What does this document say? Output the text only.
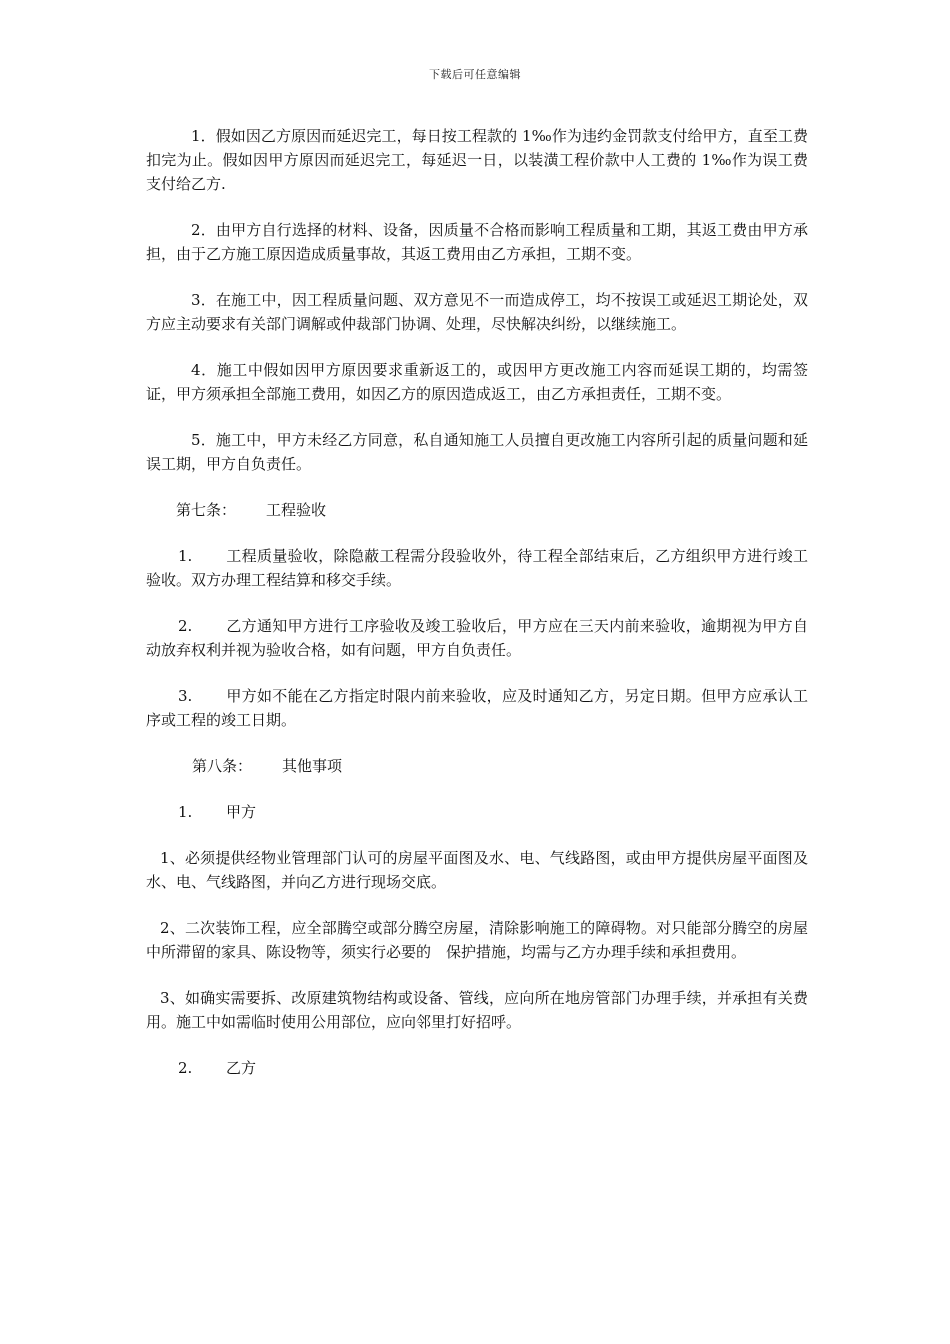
下载后可任意编辑

1．假如因乙方原因而延迟完工，每日按工程款的 1‰作为违约金罚款支付给甲方，直至工费扣完为止。假如因甲方原因而延迟完工，每延迟一日，以装潢工程价款中人工费的 1‰作为误工费支付给乙方.

2．由甲方自行选择的材料、设备，因质量不合格而影响工程质量和工期，其返工费由甲方承担，由于乙方施工原因造成质量事故，其返工费用由乙方承担，工期不变。

3．在施工中，因工程质量问题、双方意见不一而造成停工，均不按误工或延迟工期论处，双方应主动要求有关部门调解或仲裁部门协调、处理，尽快解决纠纷，以继续施工。

4．施工中假如因甲方原因要求重新返工的，或因甲方更改施工内容而延误工期的，均需签证，甲方须承担全部施工费用，如因乙方的原因造成返工，由乙方承担责任，工期不变。

5．施工中，甲方未经乙方同意，私自通知施工人员擅自更改施工内容所引起的质量问题和延误工期，甲方自负责任。

第七条： 工程验收

1. 工程质量验收，除隐蔽工程需分段验收外，待工程全部结束后，乙方组织甲方进行竣工验收。双方办理工程结算和移交手续。

2. 乙方通知甲方进行工序验收及竣工验收后，甲方应在三天内前来验收，逾期视为甲方自动放弃权利并视为验收合格，如有问题，甲方自负责任。

3. 甲方如不能在乙方指定时限内前来验收，应及时通知乙方，另定日期。但甲方应承认工序或工程的竣工日期。

第八条： 其他事项
1. 甲方

1、必须提供经物业管理部门认可的房屋平面图及水、电、气线路图，或由甲方提供房屋平面图及水、电、气线路图，并向乙方进行现场交底。

2、二次装饰工程，应全部腾空或部分腾空房屋，清除影响施工的障碍物。对只能部分腾空的房屋中所滞留的家具、陈设物等，须实行必要的　保护措施，均需与乙方办理手续和承担费用。

3、如确实需要拆、改原建筑物结构或设备、管线，应向所在地房管部门办理手续，并承担有关费用。施工中如需临时使用公用部位，应向邻里打好招呼。

2. 乙方
